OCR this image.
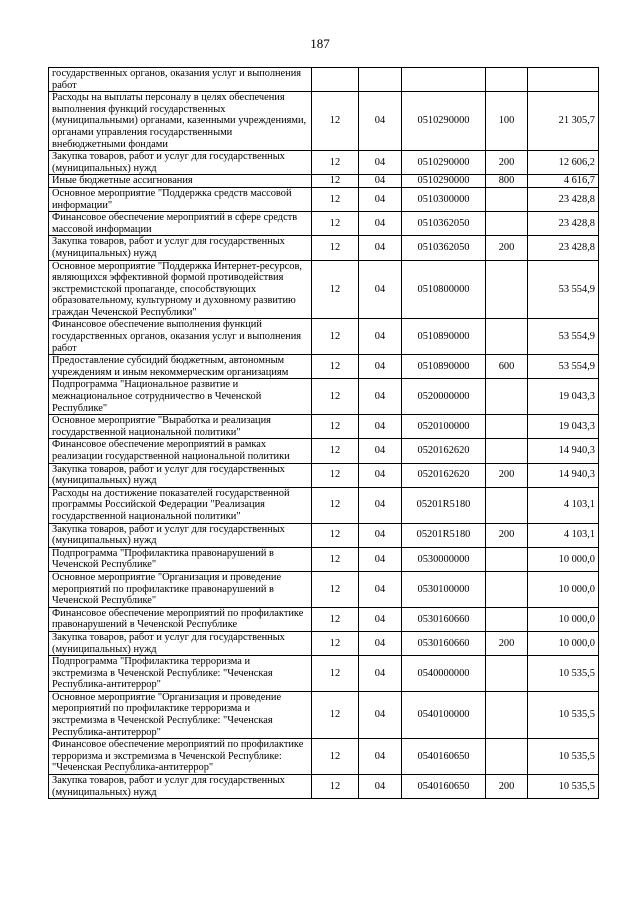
187
государственных органов, оказания услуг и выполнения работ					
Расходы на выплаты персоналу в целях обеспечения выполнения функций государственных (муниципальными) органами, казенными учреждениями, органами управления государственными внебюджетными фондами	12	04	0510290000	100	21 305,7
Закупка товаров, работ и услуг для государственных (муниципальных) нужд	12	04	0510290000	200	12 606,2
Иные бюджетные ассигнования	12	04	0510290000	800	4 616,7
Основное мероприятие "Поддержка средств массовой информации"	12	04	0510300000		23 428,8
Финансовое обеспечение мероприятий в сфере средств массовой информации	12	04	0510362050		23 428,8
Закупка товаров, работ и услуг для государственных (муниципальных) нужд	12	04	0510362050	200	23 428,8
Основное мероприятие "Поддержка Интернет-ресурсов, являющихся эффективной формой противодействия экстремистской пропаганде, способствующих образовательному, культурному и духовному развитию граждан Чеченской Республики"	12	04	0510800000		53 554,9
Финансовое обеспечение выполнения функций государственных органов, оказания услуг и выполнения работ	12	04	0510890000		53 554,9
Предоставление субсидий бюджетным, автономным учреждениям и иным некоммерческим организациям	12	04	0510890000	600	53 554,9
Подпрограмма "Национальное развитие и межнациональное сотрудничество в Чеченской Республике"	12	04	0520000000		19 043,3
Основное мероприятие "Выработка и реализация государственной национальной политики"	12	04	0520100000		19 043,3
Финансовое обеспечение мероприятий в рамках реализации государственной национальной политики	12	04	0520162620		14 940,3
Закупка товаров, работ и услуг для государственных (муниципальных) нужд	12	04	0520162620	200	14 940,3
Расходы на достижение показателей государственной программы Российской Федерации "Реализация государственной национальной политики"	12	04	05201R5180		4 103,1
Закупка товаров, работ и услуг для государственных (муниципальных) нужд	12	04	05201R5180	200	4 103,1
Подпрограмма "Профилактика правонарушений в Чеченской Республике"	12	04	0530000000		10 000,0
Основное мероприятие "Организация и проведение мероприятий по профилактике правонарушений в Чеченской Республике"	12	04	0530100000		10 000,0
Финансовое обеспечение мероприятий по профилактике правонарушений в Чеченской Республике	12	04	0530160660		10 000,0
Закупка товаров, работ и услуг для государственных (муниципальных) нужд	12	04	0530160660	200	10 000,0
Подпрограмма "Профилактика терроризма и экстремизма в Чеченской Республике: "Чеченская Республика-антитеррор"	12	04	0540000000		10 535,5
Основное мероприятие "Организация и проведение мероприятий по профилактике терроризма и экстремизма в Чеченской Республике: "Чеченская Республика-антитеррор"	12	04	0540100000		10 535,5
Финансовое обеспечение мероприятий по профилактике терроризма и экстремизма в Чеченской Республике: "Чеченская Республика-антитеррор"	12	04	0540160650		10 535,5
Закупка товаров, работ и услуг для государственных (муниципальных) нужд	12	04	0540160650	200	10 535,5
